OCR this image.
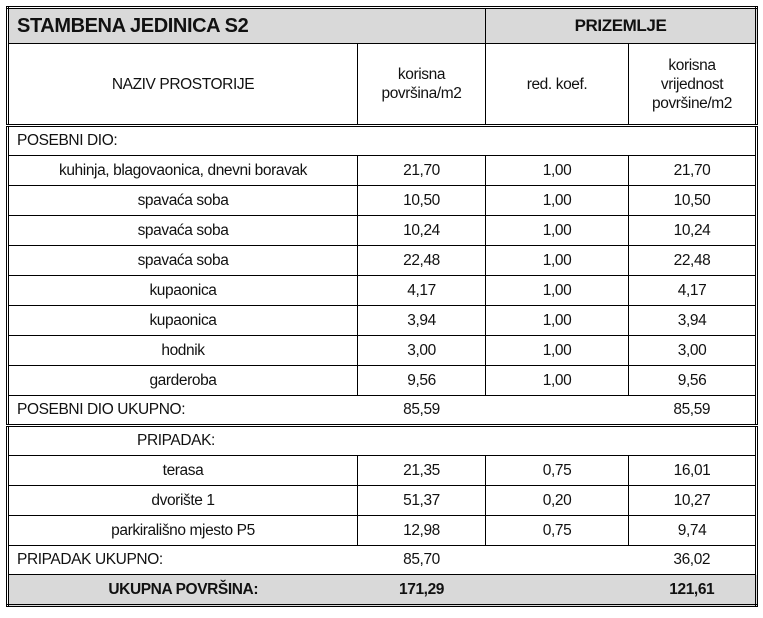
STAMBENA JEDINICA S2		PRIZEMLJE	
NAZIV PROSTORIJE	korisna površina/m2	red. koef.	korisna vrijednost površine/m2
POSEBNI DIO:			
kuhinja, blagovaonica, dnevni boravak	21,70	1,00	21,70
spavaća soba	10,50	1,00	10,50
spavaća soba	10,24	1,00	10,24
spavaća soba	22,48	1,00	22,48
kupaonica	4,17	1,00	4,17
kupaonica	3,94	1,00	3,94
hodnik	3,00	1,00	3,00
garderoba	9,56	1,00	9,56
POSEBNI DIO UKUPNO:	85,59		85,59
PRIPADAK:			
terasa	21,35	0,75	16,01
dvorište 1	51,37	0,20	10,27
parkirališno mjesto P5	12,98	0,75	9,74
PRIPADAK UKUPNO:	85,70		36,02
UKUPNA POVRŠINA:	171,29		121,61
